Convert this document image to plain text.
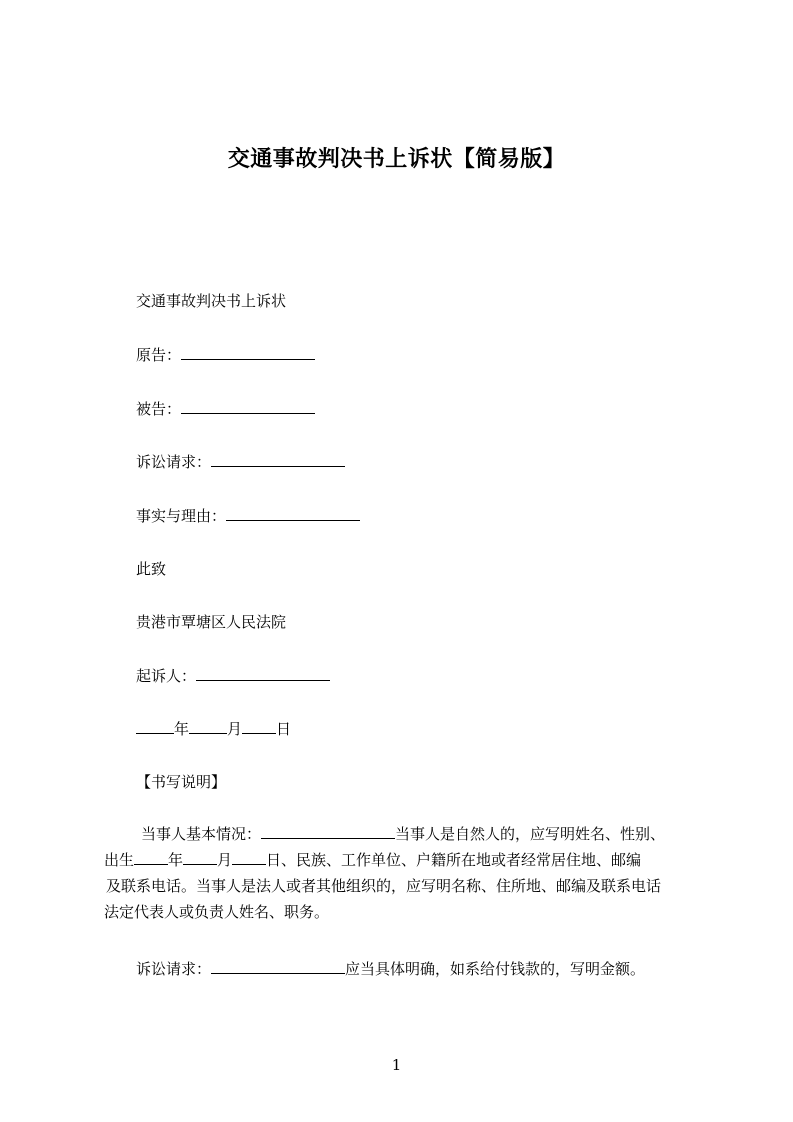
交通事故判决书上诉状【简易版】
交通事故判决书上诉状
原告：
被告：
诉讼请求：
事实与理由：
此致
贵港市覃塘区人民法院
起诉人：
年	月 日
【书写说明】
当事人基本情况：	当事人是自然人的，应写明姓名、性别、
出生 年 月 日、民族、工作单位、户籍所在地或者经常居住地、邮编
及联系电话。当事人是法人或者其他组织的，应写明名称、住所地、邮编及联系电话
法定代表人或负责人姓名、职务。
诉讼请求：	应当具体明确，如系给付钱款的，写明金额。
1
